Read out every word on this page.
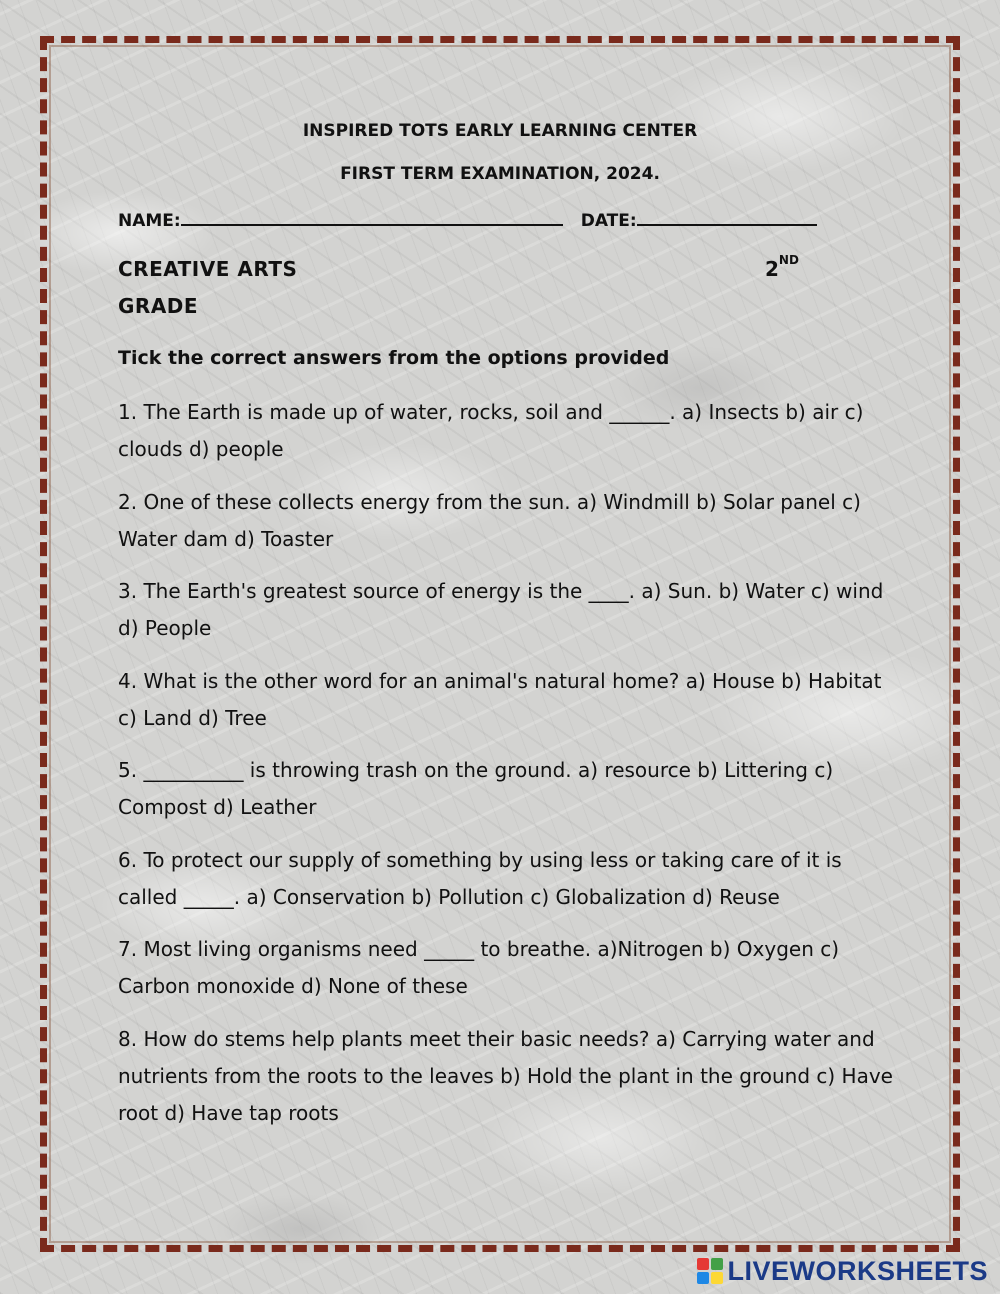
INSPIRED TOTS EARLY LEARNING CENTER
FIRST TERM EXAMINATION, 2024.
NAME:	DATE:
CREATIVE ARTS	2ND
GRADE
Tick the correct answers from the options provided

1. The Earth is made up of water, rocks, soil and ______. a) Insects b) air c) clouds d) people

2. One of these collects energy from the sun. a) Windmill b) Solar panel c) Water dam d) Toaster

3. The Earth's greatest source of energy is the ____. a) Sun. b) Water c) wind d) People

4. What is the other word for an animal's natural home? a) House b) Habitat c) Land d) Tree

5. __________ is throwing trash on the ground. a) resource b) Littering c) Compost d) Leather

6. To protect our supply of something by using less or taking care of it is called _____. a) Conservation b) Pollution c) Globalization d) Reuse

7. Most living organisms need _____ to breathe. a)Nitrogen b) Oxygen c) Carbon monoxide d) None of these

8. How do stems help plants meet their basic needs? a) Carrying water and nutrients from the roots to the leaves b) Hold the plant in the ground c) Have root d) Have tap roots

LIVEWORKSHEETS
